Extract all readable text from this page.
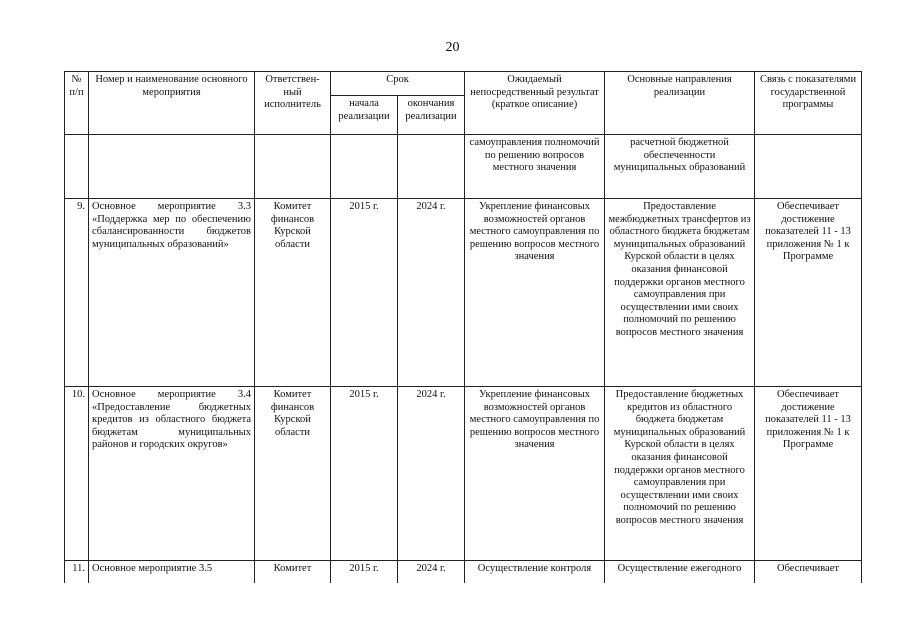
20
№ п/п	Номер и наименование основного мероприятия	Ответствен-ный исполнитель	Срок		Ожидаемый непосредственный результат (краткое описание)	Основные направления реализации	Связь с показателями государственной программы
			начала реализации	окончания реализации			
					самоуправления полномочий по решению вопросов местного значения	расчетной бюджетной обеспеченности муниципальных образований	
9.	Основное мероприятие 3.3 «Поддержка мер по обеспечению сбалансированности бюджетов муниципальных образований»	Комитет финансов Курской области	2015 г.	2024 г.	Укрепление финансовых возможностей органов местного самоуправления по решению вопросов местного значения	Предоставление межбюджетных трансфертов из областного бюджета бюджетам муниципальных образований Курской области в целях оказания финансовой поддержки органов местного самоуправления при осуществлении ими своих полномочий по решению вопросов местного значения	Обеспечивает достижение показателей 11 - 13 приложения № 1 к Программе
10.	Основное мероприятие 3.4 «Предоставление бюджетных кредитов из областного бюджета бюджетам муниципальных районов и городских округов»	Комитет финансов Курской области	2015 г.	2024 г.	Укрепление финансовых возможностей органов местного самоуправления по решению вопросов местного значения	Предоставление бюджетных кредитов из областного бюджета бюджетам муниципальных образований Курской области в целях оказания финансовой поддержки органов местного самоуправления при осуществлении ими своих полномочий по решению вопросов местного значения	Обеспечивает достижение показателей 11 - 13 приложения № 1 к Программе
11.	Основное мероприятие 3.5	Комитет	2015 г.	2024 г.	Осуществление контроля	Осуществление ежегодного	Обеспечивает
